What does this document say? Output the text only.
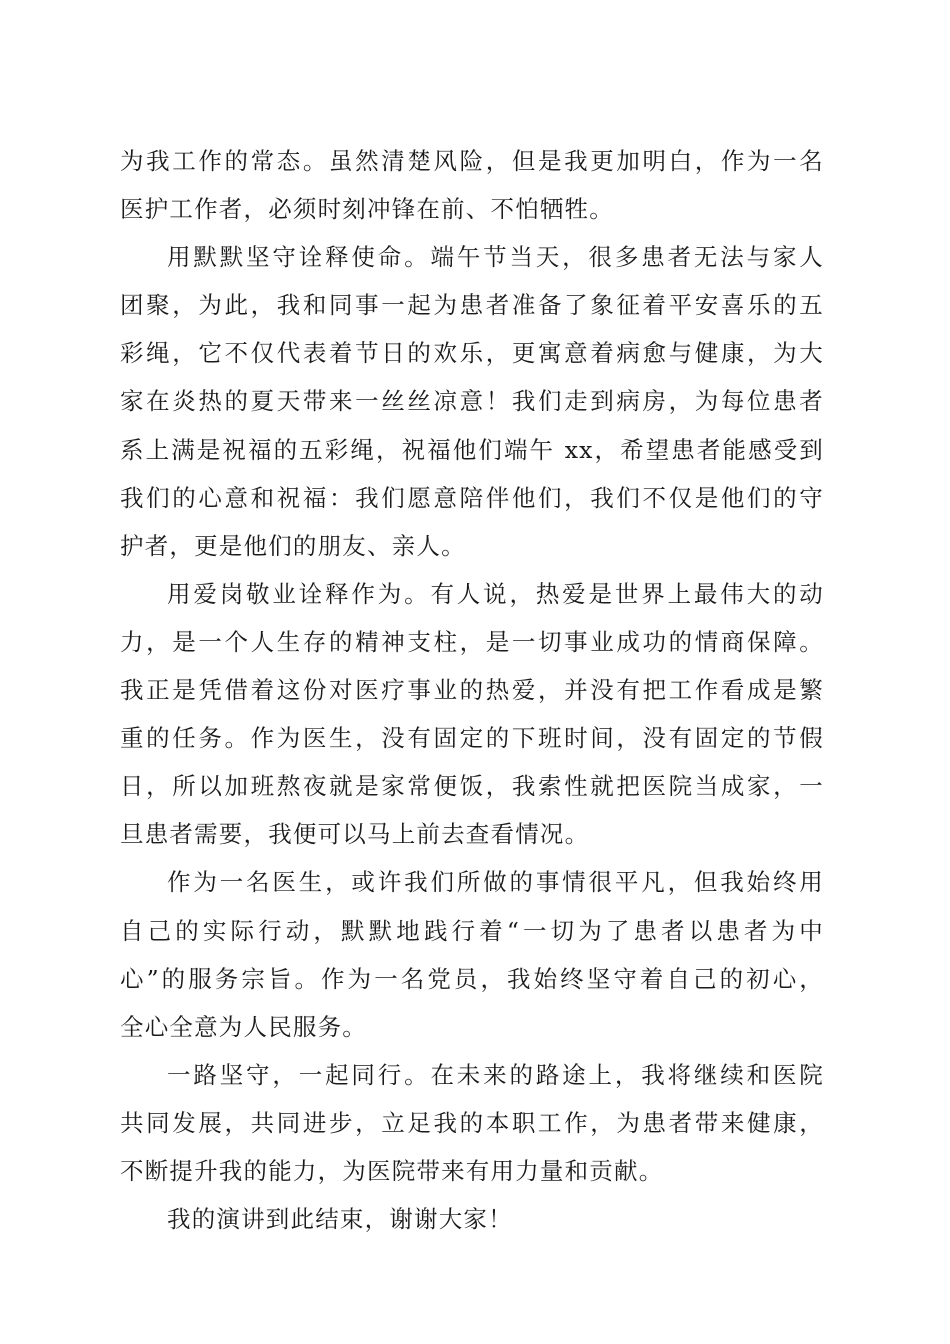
为我工作的常态。虽然清楚风险，但是我更加明白，作为一名
医护工作者，必须时刻冲锋在前、不怕牺牲。
用默默坚守诠释使命。端午节当天，很多患者无法与家人
团聚，为此，我和同事一起为患者准备了象征着平安喜乐的五
彩绳，它不仅代表着节日的欢乐，更寓意着病愈与健康，为大
家在炎热的夏天带来一丝丝凉意！我们走到病房，为每位患者
系上满是祝福的五彩绳，祝福他们端午 xx，希望患者能感受到
我们的心意和祝福：我们愿意陪伴他们，我们不仅是他们的守
护者，更是他们的朋友、亲人。
用爱岗敬业诠释作为。有人说，热爱是世界上最伟大的动
力，是一个人生存的精神支柱，是一切事业成功的情商保障。
我正是凭借着这份对医疗事业的热爱，并没有把工作看成是繁
重的任务。作为医生，没有固定的下班时间，没有固定的节假
日，所以加班熬夜就是家常便饭，我索性就把医院当成家，一
旦患者需要，我便可以马上前去查看情况。
作为一名医生，或许我们所做的事情很平凡，但我始终用
自己的实际行动，默默地践行着“一切为了患者以患者为中
心”的服务宗旨。作为一名党员，我始终坚守着自己的初心，
全心全意为人民服务。
一路坚守，一起同行。在未来的路途上，我将继续和医院
共同发展，共同进步，立足我的本职工作，为患者带来健康，
不断提升我的能力，为医院带来有用力量和贡献。
我的演讲到此结束，谢谢大家！
